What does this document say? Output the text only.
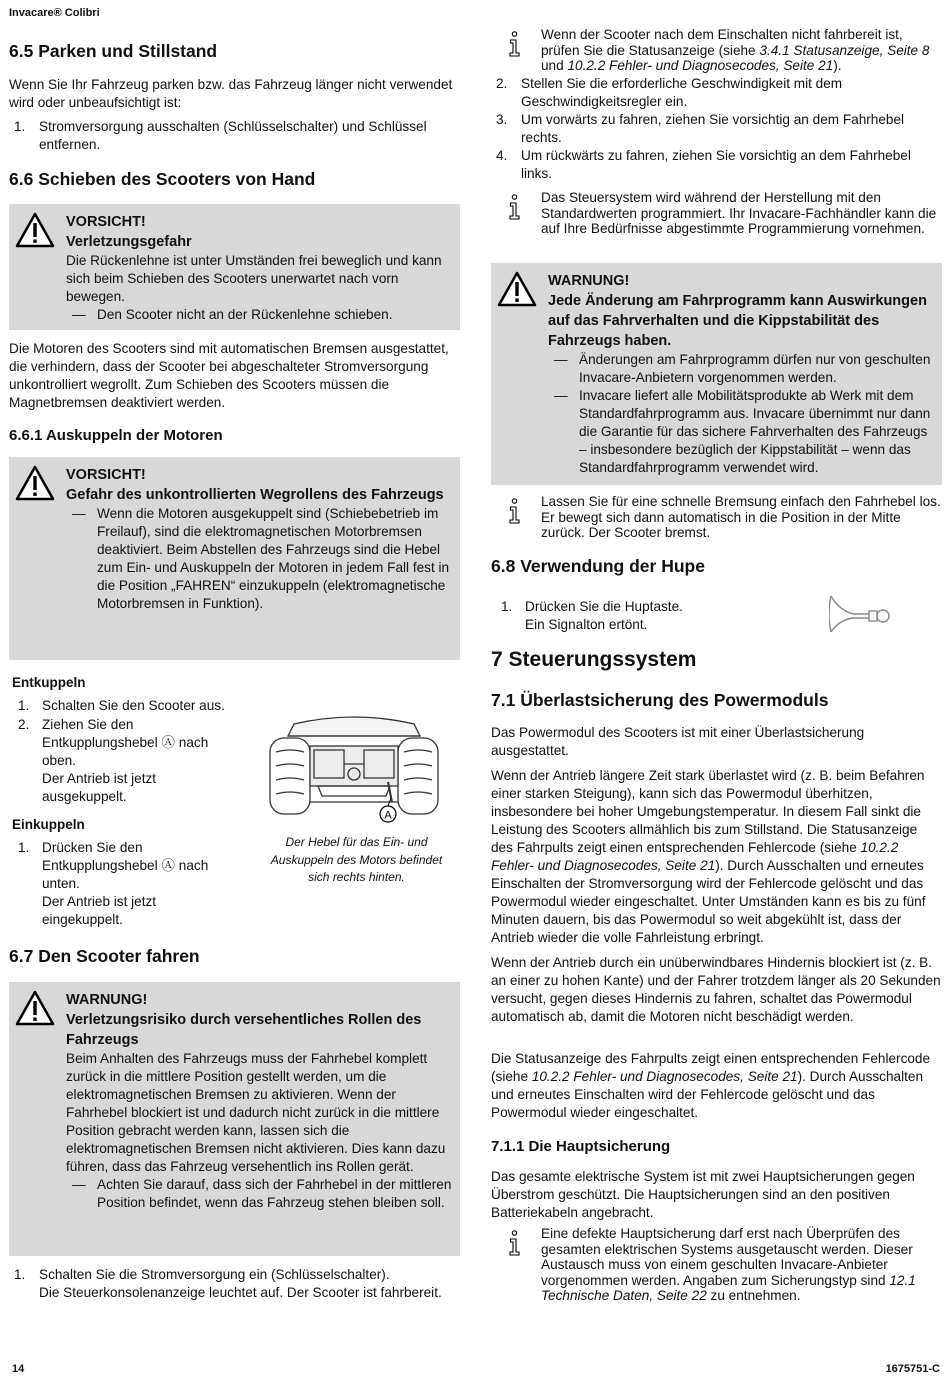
Invacare® Colibri
6.5 Parken und Stillstand
Wenn Sie Ihr Fahrzeug parken bzw. das Fahrzeug länger nicht verwendet wird oder unbeaufsichtigt ist:
1. Stromversorgung ausschalten (Schlüsselschalter) und Schlüssel entfernen.
6.6 Schieben des Scooters von Hand
VORSICHT!
Verletzungsgefahr
Die Rückenlehne ist unter Umständen frei beweglich und kann sich beim Schieben des Scooters unerwartet nach vorn bewegen.
— Den Scooter nicht an der Rückenlehne schieben.
Die Motoren des Scooters sind mit automatischen Bremsen ausgestattet, die verhindern, dass der Scooter bei abgeschalteter Stromversorgung unkontrolliert wegrollt. Zum Schieben des Scooters müssen die Magnetbremsen deaktiviert werden.
6.6.1 Auskuppeln der Motoren
VORSICHT!
Gefahr des unkontrollierten Wegrollens des Fahrzeugs
— Wenn die Motoren ausgekuppelt sind (Schiebebetrieb im Freilauf), sind die elektromagnetischen Motorbremsen deaktiviert. Beim Abstellen des Fahrzeugs sind die Hebel zum Ein- und Auskuppeln der Motoren in jedem Fall fest in die Position „FAHREN“ einzukuppeln (elektromagnetische Motorbremsen in Funktion).
Entkuppeln
1. Schalten Sie den Scooter aus.
2. Ziehen Sie den Entkupplungshebel Ⓐ nach oben.
Der Antrieb ist jetzt ausgekuppelt.
Einkuppeln
1. Drücken Sie den Entkupplungshebel Ⓐ nach unten.
Der Antrieb ist jetzt eingekuppelt.
A
Der Hebel für das Ein- und Auskuppeln des Motors befindet sich rechts hinten.
6.7 Den Scooter fahren
WARNUNG!
Verletzungsrisiko durch versehentliches Rollen des Fahrzeugs
Beim Anhalten des Fahrzeugs muss der Fahrhebel komplett zurück in die mittlere Position gestellt werden, um die elektromagnetischen Bremsen zu aktivieren. Wenn der Fahrhebel blockiert ist und dadurch nicht zurück in die mittlere Position gebracht werden kann, lassen sich die elektromagnetischen Bremsen nicht aktivieren. Dies kann dazu führen, dass das Fahrzeug versehentlich ins Rollen gerät.
— Achten Sie darauf, dass sich der Fahrhebel in der mittleren Position befindet, wenn das Fahrzeug stehen bleiben soll.
1. Schalten Sie die Stromversorgung ein (Schlüsselschalter).
Die Steuerkonsolenanzeige leuchtet auf. Der Scooter ist fahrbereit.
Wenn der Scooter nach dem Einschalten nicht fahrbereit ist, prüfen Sie die Statusanzeige (siehe 3.4.1 Statusanzeige, Seite 8 und 10.2.2 Fehler- und Diagnosecodes, Seite 21).
2. Stellen Sie die erforderliche Geschwindigkeit mit dem Geschwindigkeitsregler ein.
3. Um vorwärts zu fahren, ziehen Sie vorsichtig an dem Fahrhebel rechts.
4. Um rückwärts zu fahren, ziehen Sie vorsichtig an dem Fahrhebel links.
Das Steuersystem wird während der Herstellung mit den Standardwerten programmiert. Ihr Invacare-Fachhändler kann die auf Ihre Bedürfnisse abgestimmte Programmierung vornehmen.
WARNUNG!
Jede Änderung am Fahrprogramm kann Auswirkungen auf das Fahrverhalten und die Kippstabilität des Fahrzeugs haben.
— Änderungen am Fahrprogramm dürfen nur von geschulten Invacare-Anbietern vorgenommen werden.
— Invacare liefert alle Mobilitätsprodukte ab Werk mit dem Standardfahrprogramm aus. Invacare übernimmt nur dann die Garantie für das sichere Fahrverhalten des Fahrzeugs – insbesondere bezüglich der Kippstabilität – wenn das Standardfahrprogramm verwendet wird.
Lassen Sie für eine schnelle Bremsung einfach den Fahrhebel los. Er bewegt sich dann automatisch in die Position in der Mitte zurück. Der Scooter bremst.
6.8 Verwendung der Hupe
1. Drücken Sie die Huptaste.
Ein Signalton ertönt.
7 Steuerungssystem
7.1 Überlastsicherung des Powermoduls
Das Powermodul des Scooters ist mit einer Überlastsicherung ausgestattet.
Wenn der Antrieb längere Zeit stark überlastet wird (z. B. beim Befahren einer starken Steigung), kann sich das Powermodul überhitzen, insbesondere bei hoher Umgebungstemperatur. In diesem Fall sinkt die Leistung des Scooters allmählich bis zum Stillstand. Die Statusanzeige des Fahrpults zeigt einen entsprechenden Fehlercode (siehe 10.2.2 Fehler- und Diagnosecodes, Seite 21). Durch Ausschalten und erneutes Einschalten der Stromversorgung wird der Fehlercode gelöscht und das Powermodul wieder eingeschaltet. Unter Umständen kann es bis zu fünf Minuten dauern, bis das Powermodul so weit abgekühlt ist, dass der Antrieb wieder die volle Fahrleistung erbringt.
Wenn der Antrieb durch ein unüberwindbares Hindernis blockiert ist (z. B. an einer zu hohen Kante) und der Fahrer trotzdem länger als 20 Sekunden versucht, gegen dieses Hindernis zu fahren, schaltet das Powermodul automatisch ab, damit die Motoren nicht beschädigt werden.
Die Statusanzeige des Fahrpults zeigt einen entsprechenden Fehlercode (siehe 10.2.2 Fehler- und Diagnosecodes, Seite 21). Durch Ausschalten und erneutes Einschalten wird der Fehlercode gelöscht und das Powermodul wieder eingeschaltet.
7.1.1 Die Hauptsicherung
Das gesamte elektrische System ist mit zwei Hauptsicherungen gegen Überstrom geschützt. Die Hauptsicherungen sind an den positiven Batteriekabeln angebracht.
Eine defekte Hauptsicherung darf erst nach Überprüfen des gesamten elektrischen Systems ausgetauscht werden. Dieser Austausch muss von einem geschulten Invacare-Anbieter vorgenommen werden. Angaben zum Sicherungstyp sind 12.1 Technische Daten, Seite 22 zu entnehmen.
14	1675751-C
